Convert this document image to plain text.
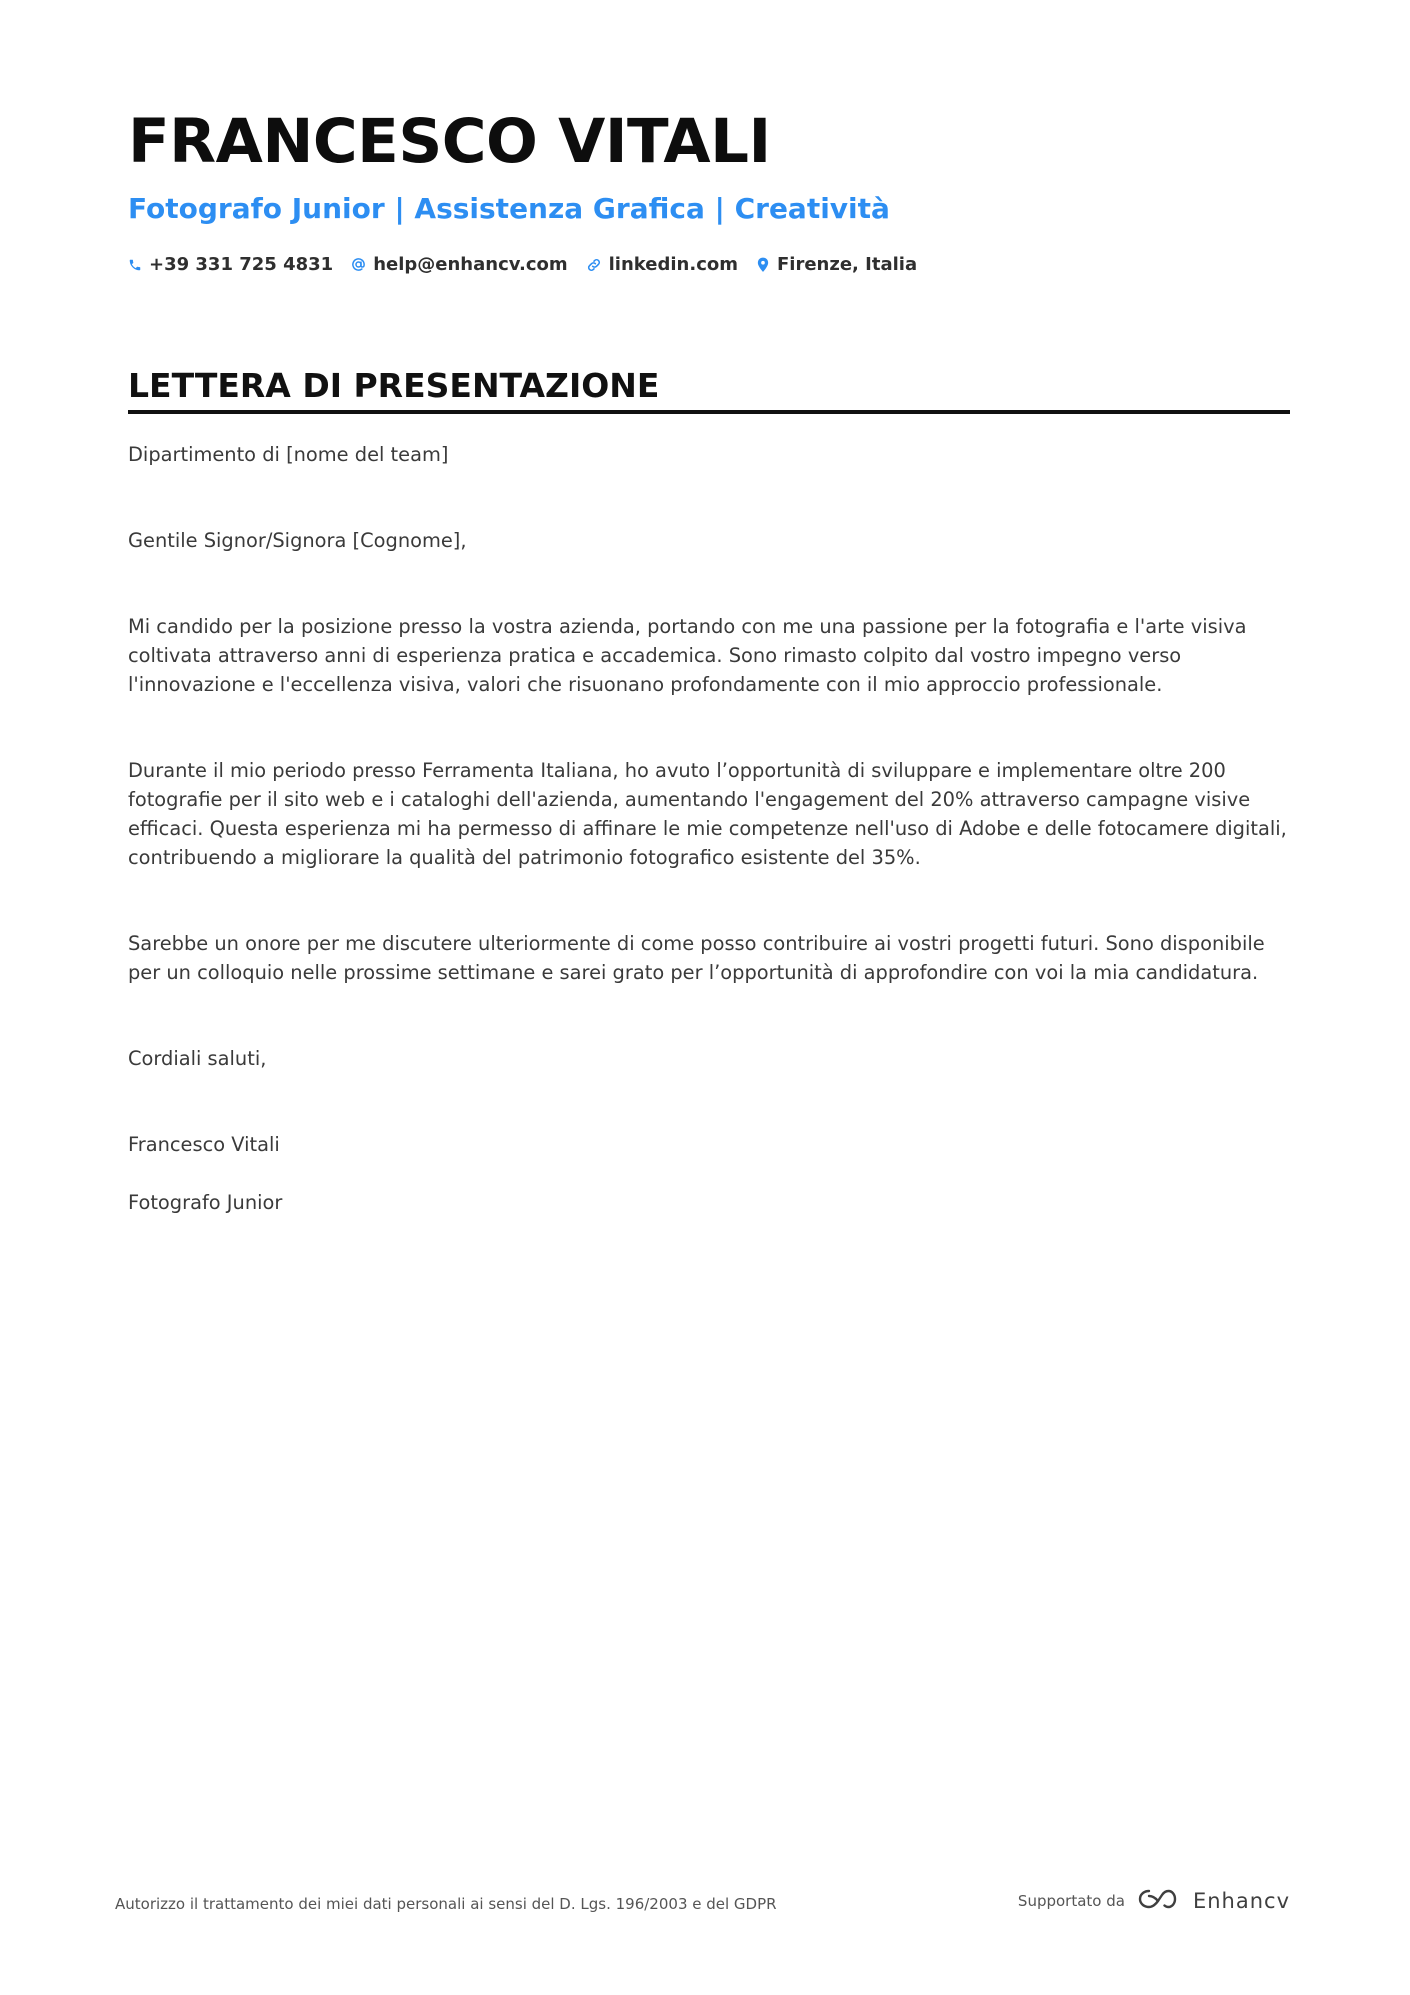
FRANCESCO VITALI
Fotografo Junior | Assistenza Grafica | Creatività
+39 331 725 4831 help@enhancv.com linkedin.com Firenze, Italia
LETTERA DI PRESENTAZIONE

Dipartimento di [nome del team]

Gentile Signor/Signora [Cognome],

Mi candido per la posizione presso la vostra azienda, portando con me una passione per la fotografia e l'arte visiva coltivata attraverso anni di esperienza pratica e accademica. Sono rimasto colpito dal vostro impegno verso l'innovazione e l'eccellenza visiva, valori che risuonano profondamente con il mio approccio professionale.

Durante il mio periodo presso Ferramenta Italiana, ho avuto l’opportunità di sviluppare e implementare oltre 200 fotografie per il sito web e i cataloghi dell'azienda, aumentando l'engagement del 20% attraverso campagne visive efficaci. Questa esperienza mi ha permesso di affinare le mie competenze nell'uso di Adobe e delle fotocamere digitali, contribuendo a migliorare la qualità del patrimonio fotografico esistente del 35%.

Sarebbe un onore per me discutere ulteriormente di come posso contribuire ai vostri progetti futuri. Sono disponibile per un colloquio nelle prossime settimane e sarei grato per l’opportunità di approfondire con voi la mia candidatura.

Cordiali saluti,

Francesco Vitali

Fotografo Junior

Autorizzo il trattamento dei miei dati personali ai sensi del D. Lgs. 196/2003 e del GDPR	Supportato da	Enhancv
